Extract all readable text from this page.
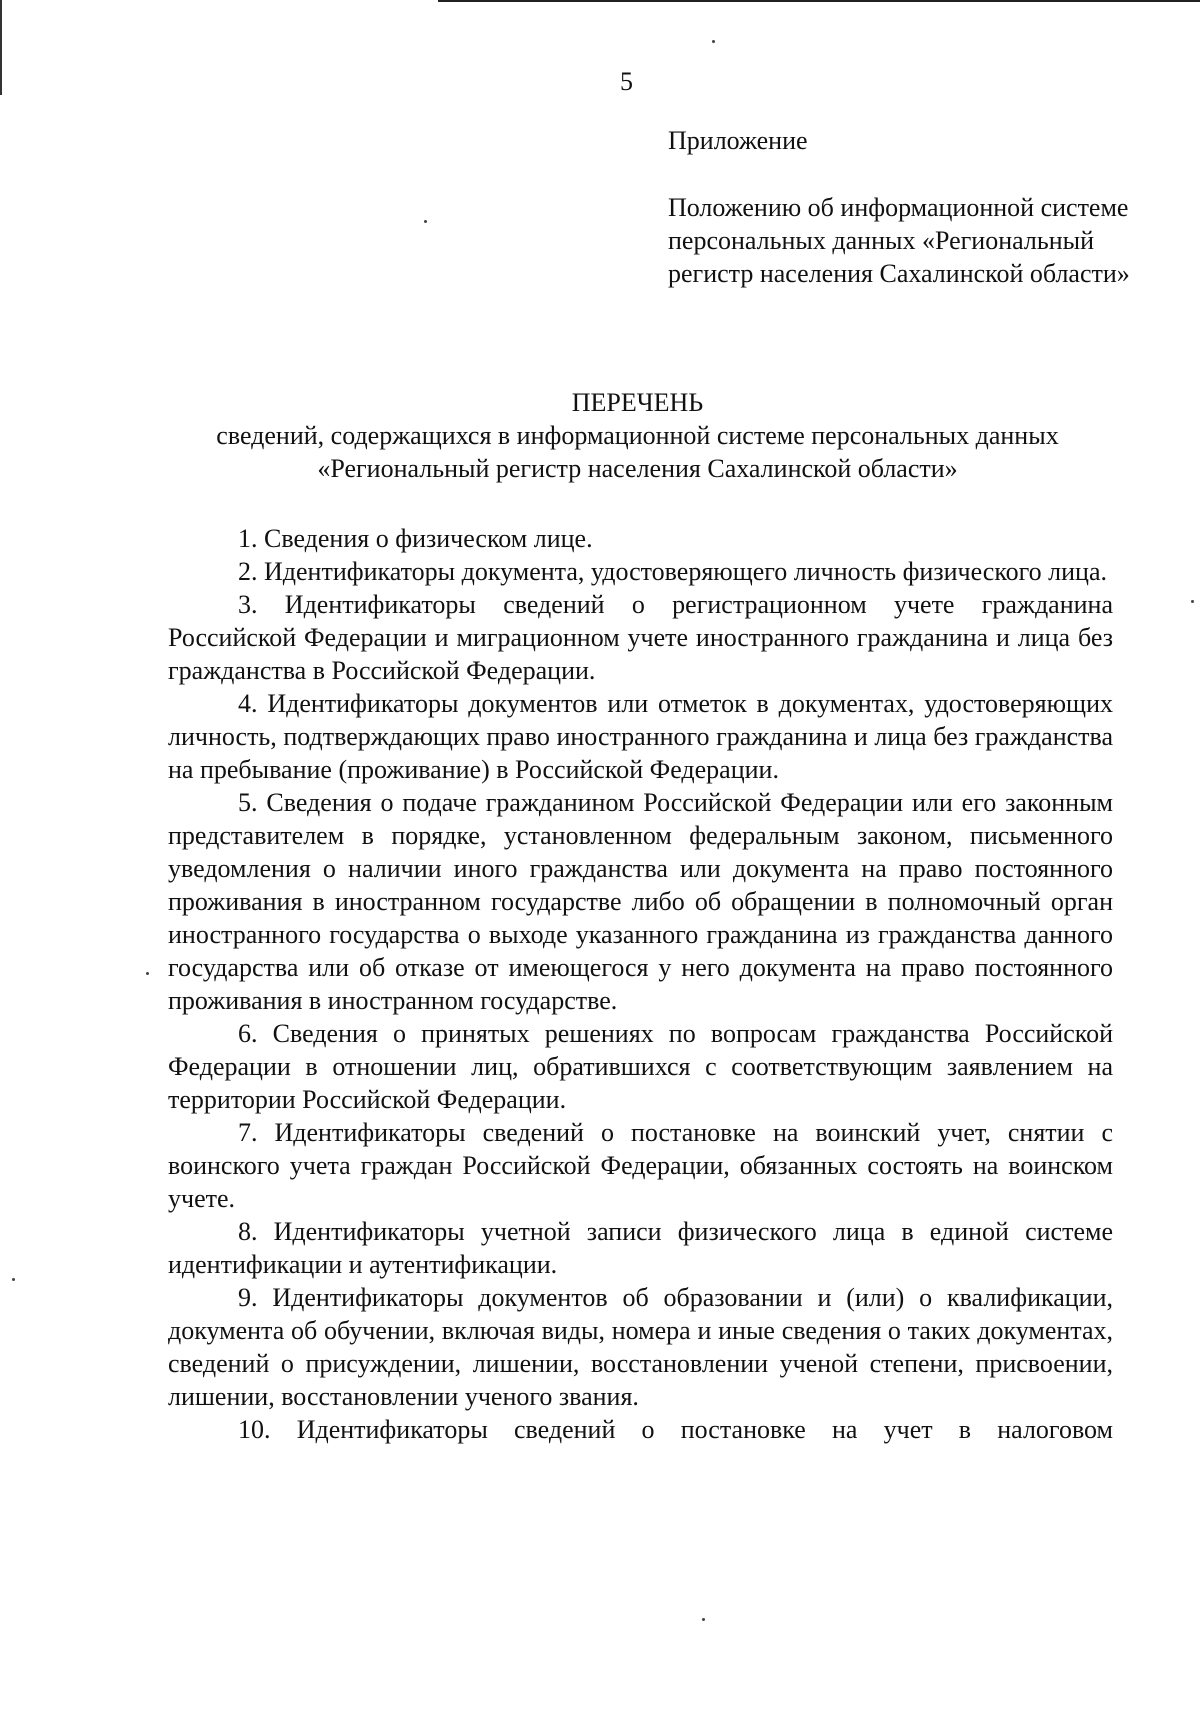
5

Приложение

Положению об информационной системе персональных данных «Региональный регистр населения Сахалинской области»

ПЕРЕЧЕНЬ

сведений, содержащихся в информационной системе персональных данных

«Региональный регистр населения Сахалинской области»

1. Сведения о физическом лице.

2. Идентификаторы документа, удостоверяющего личность физического лица.

3. Идентификаторы сведений о регистрационном учете гражданина Российской Федерации и миграционном учете иностранного гражданина и лица без гражданства в Российской Федерации.

4. Идентификаторы документов или отметок в документах, удостоверяющих личность, подтверждающих право иностранного гражданина и лица без гражданства на пребывание (проживание) в Российской Федерации.

5. Сведения о подаче гражданином Российской Федерации или его законным представителем в порядке, установленном федеральным законом, письменного уведомления о наличии иного гражданства или документа на право постоянного проживания в иностранном государстве либо об обращении в полномочный орган иностранного государства о выходе указанного гражданина из гражданства данного государства или об отказе от имеющегося у него документа на право постоянного проживания в иностранном государстве.

6. Сведения о принятых решениях по вопросам гражданства Российской Федерации в отношении лиц, обратившихся с соответствующим заявлением на территории Российской Федерации.

7. Идентификаторы сведений о постановке на воинский учет, снятии с воинского учета граждан Российской Федерации, обязанных состоять на воинском учете.

8. Идентификаторы учетной записи физического лица в единой системе идентификации и аутентификации.

9. Идентификаторы документов об образовании и (или) о квалификации, документа об обучении, включая виды, номера и иные сведения о таких документах, сведений о присуждении, лишении, восстановлении ученой степени, присвоении, лишении, восстановлении ученого звания.

10. Идентификаторы сведений о постановке на учет в налоговом
